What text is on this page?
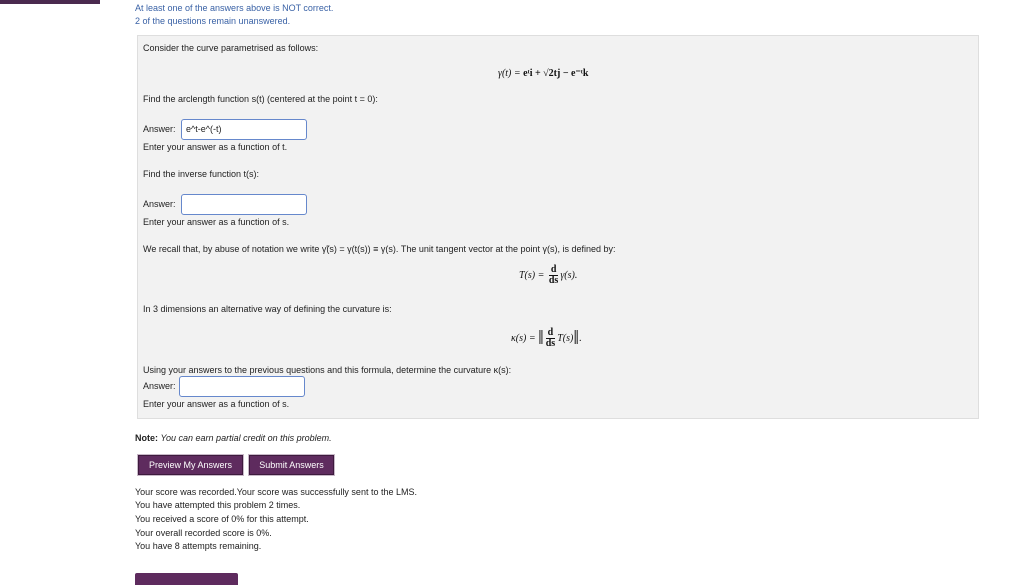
At least one of the answers above is NOT correct.
2 of the questions remain unanswered.
Consider the curve parametrised as follows:
γ(t) = eᵗi + √2tj − e⁻ᵗk
Find the arclength function s(t) (centered at the point t = 0):
Answer:	e^t-e^(-t)
Enter your answer as a function of t.
Find the inverse function t(s):
Answer:
Enter your answer as a function of s.
We recall that, by abuse of notation we write γ̃(s) = γ(t(s)) ≡ γ(s). The unit tangent vector at the point γ(s), is defined by:
$T(s) = \frac{d}{ds} \gamma(s)$.
In 3 dimensions an alternative way of defining the curvature is:
κ(s) = ‖ $\frac{d}{ds}$ T(s)‖.
Using your answers to the previous questions and this formula, determine the curvature κ(s):
Answer:
Enter your answer as a function of s.
Note: You can earn partial credit on this problem.
Preview My Answers	Submit Answers
Your score was recorded.Your score was successfully sent to the LMS.
You have attempted this problem 2 times.
You received a score of 0% for this attempt.
Your overall recorded score is 0%.
You have 8 attempts remaining.
